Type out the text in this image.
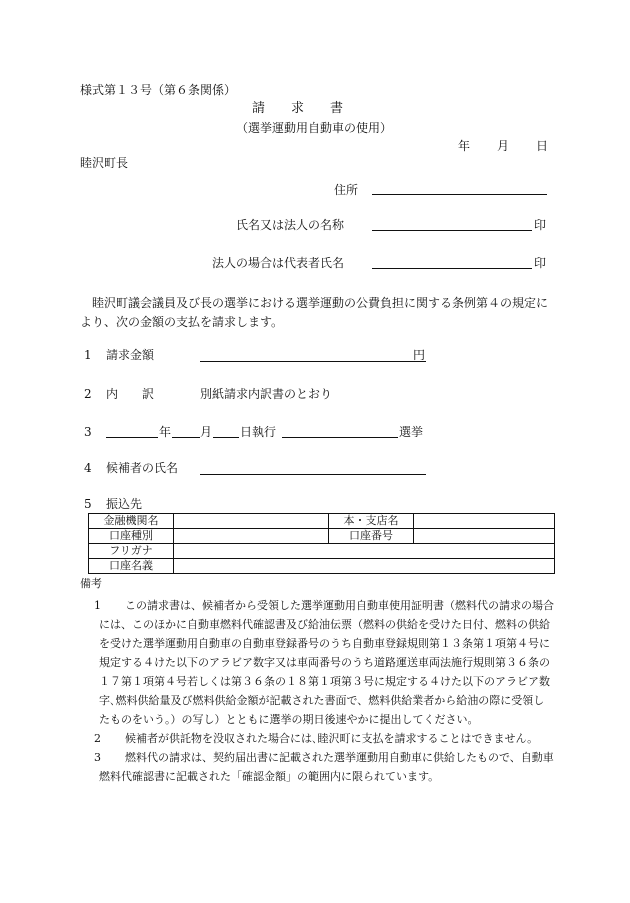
様式第１３号（第６条関係）
請　　求　　書
（選挙運動用自動車の使用）
年 月 日
睦沢町長
住所
氏名又は法人の名称	印
法人の場合は代表者氏名	印
睦沢町議会議員及び長の選挙における選挙運動の公費負担に関する条例第４の規定により、次の金額の支払を請求します。
1 請求金額	円
2 内　　訳	別紙請求内訳書のとおり
3	年 月 日執行	選挙
4 候補者の氏名
5 振込先
金融機関名		本・支店名	
口座種別		口座番号	
フリガナ			
口座名義			
備考
1	この請求書は、候補者から受領した選挙運動用自動車使用証明書（燃料代の請求の場合には、このほかに自動車燃料代確認書及び給油伝票（燃料の供給を受けた日付、燃料の供給を受けた選挙運動用自動車の自動車登録番号のうち自動車登録規則第１３条第１項第４号に規定する４けた以下のアラビア数字又は車両番号のうち道路運送車両法施行規則第３６条の１７第１項第４号若しくは第３６条の１８第１項第３号に規定する４けた以下のアラビア数字､燃料供給量及び燃料供給金額が記載された書面で、燃料供給業者から給油の際に受領したものをいう。）の写し）とともに選挙の期日後速やかに提出してください。
2	候補者が供託物を没収された場合には､睦沢町に支払を請求することはできません。
3	燃料代の請求は、契約届出書に記載された選挙運動用自動車に供給したもので、自動車燃料代確認書に記載された「確認金額」の範囲内に限られています。
